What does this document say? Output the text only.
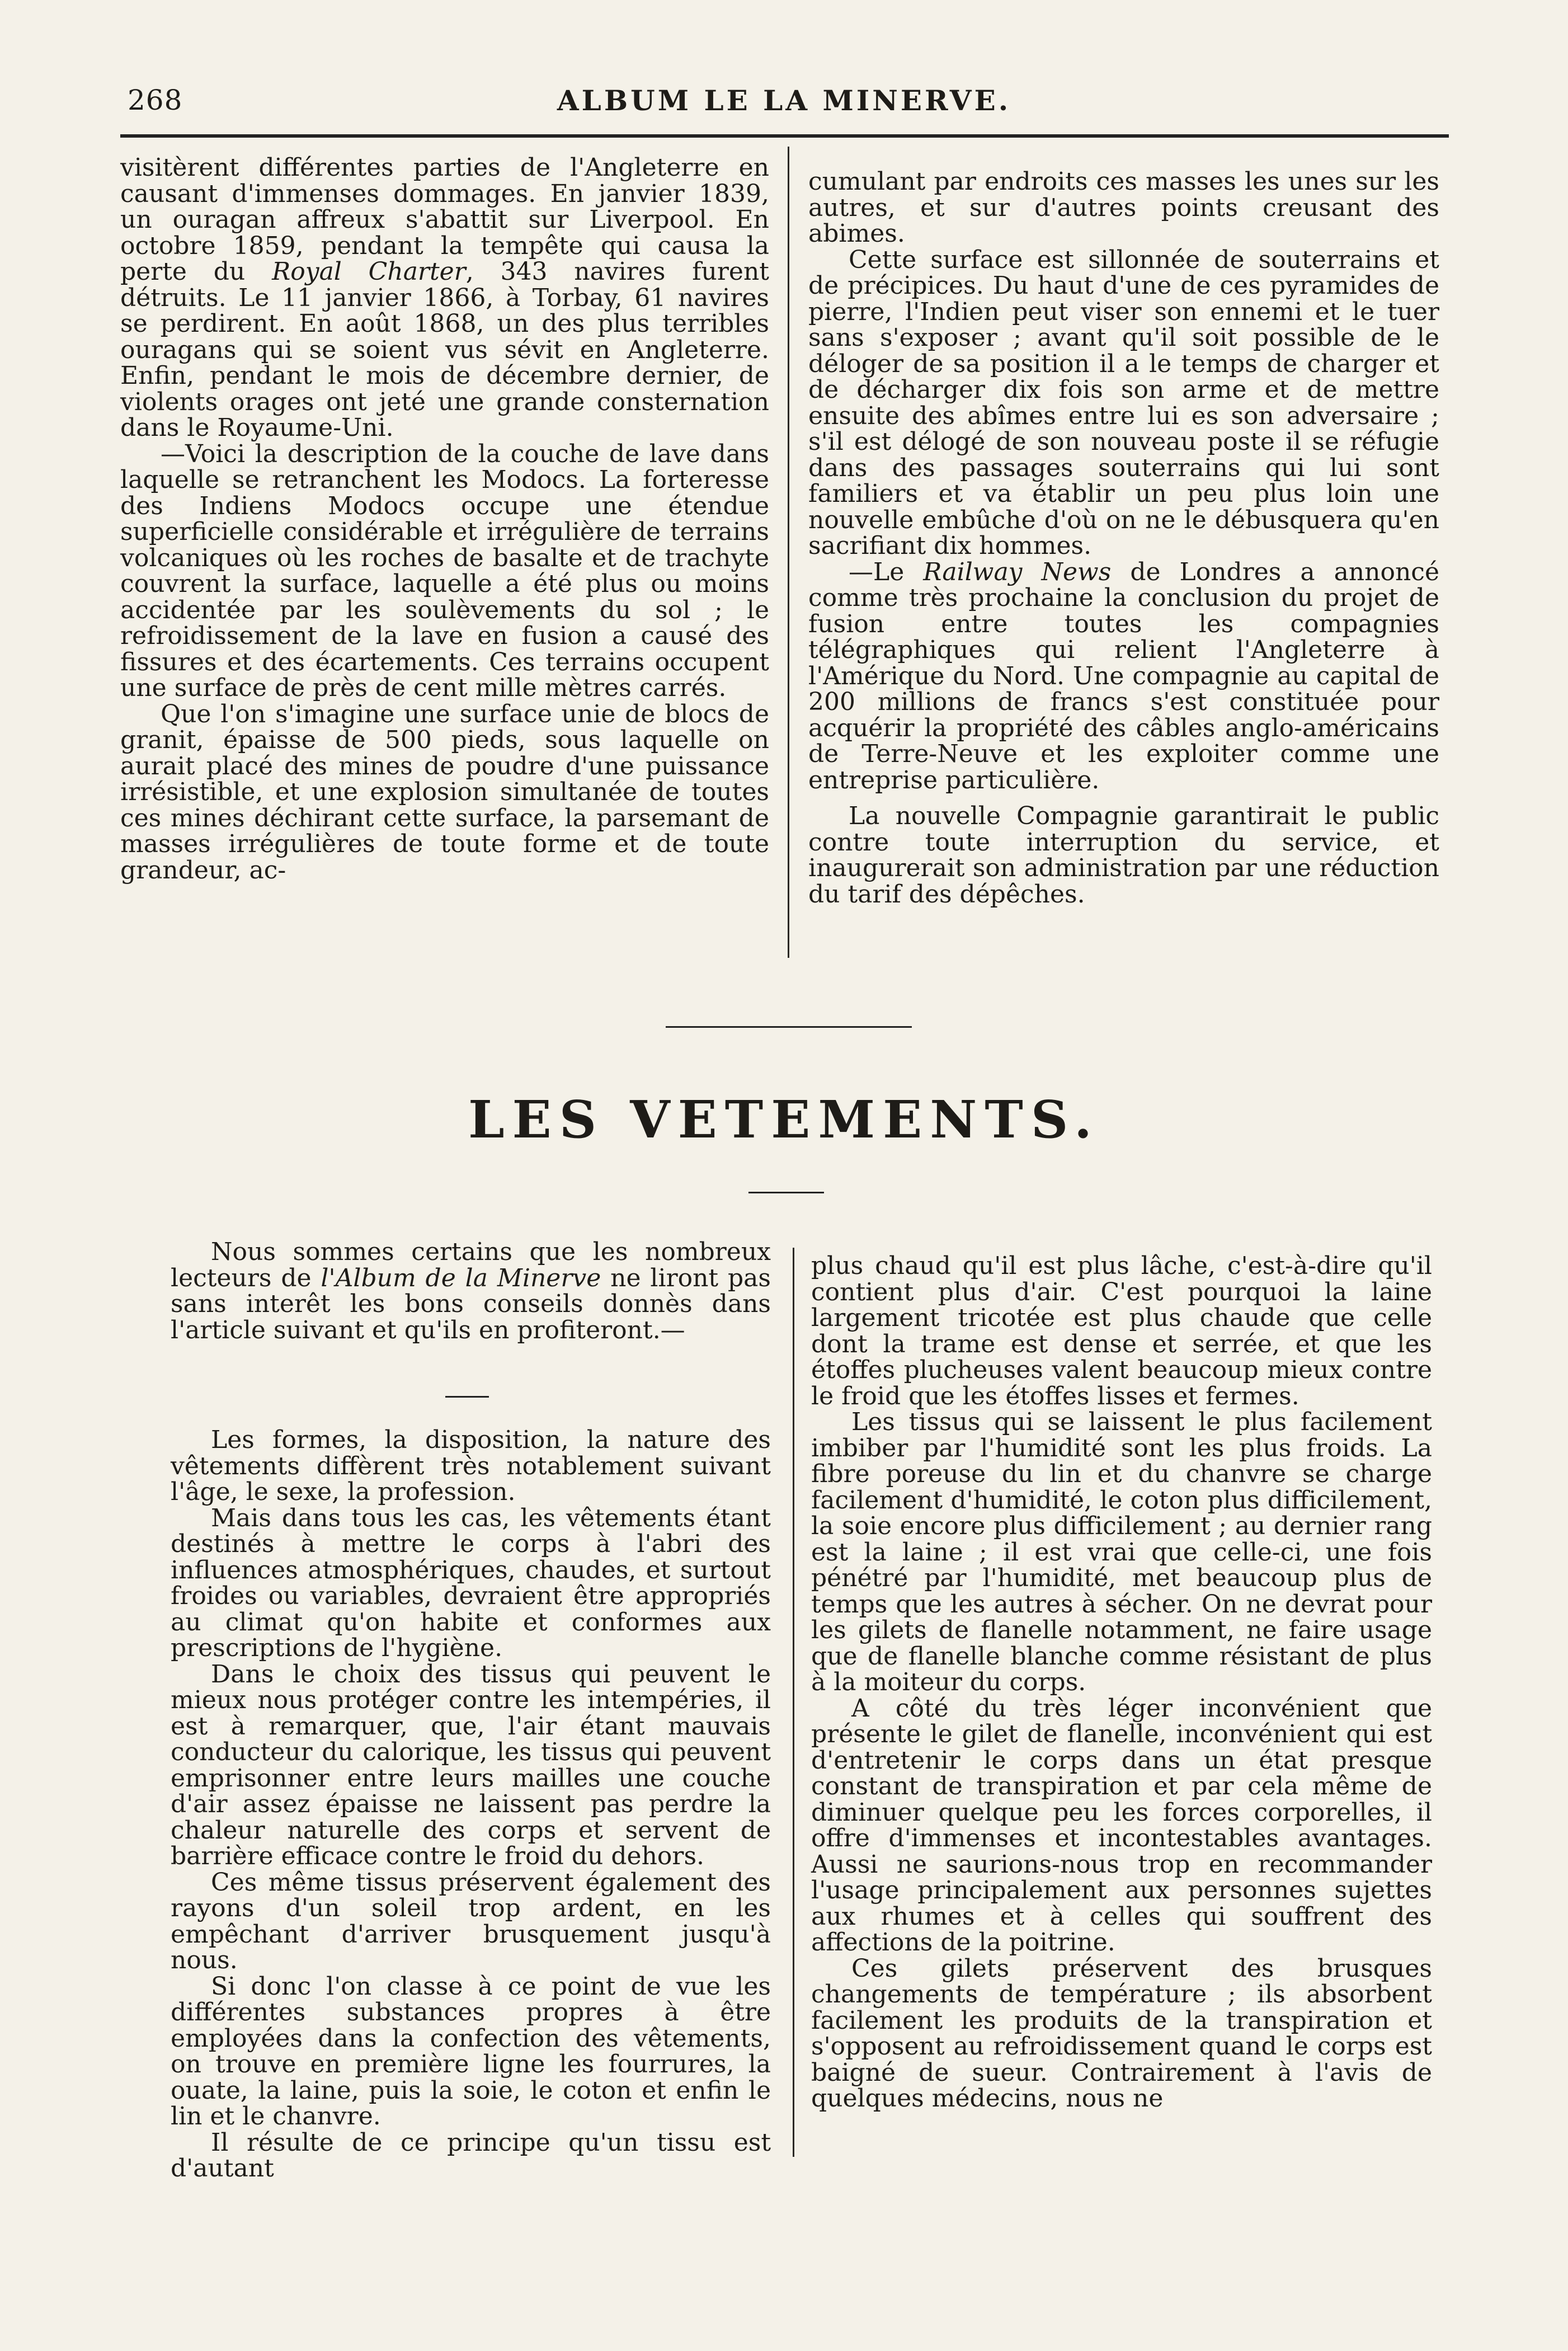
268	ALBUM LE LA MINERVE.

visitèrent différentes parties de l'Angleterre en causant d'immenses dommages. En janvier 1839, un ouragan affreux s'abattit sur Liverpool. En octobre 1859, pendant la tempête qui causa la perte du Royal Charter, 343 navires furent détruits. Le 11 janvier 1866, à Torbay, 61 navires se perdirent. En août 1868, un des plus terribles ouragans qui se soient vus sévit en Angleterre. Enfin, pendant le mois de décembre dernier, de violents orages ont jeté une grande consternation dans le Royaume-Uni.

—Voici la description de la couche de lave dans laquelle se retranchent les Modocs. La forteresse des Indiens Modocs occupe une étendue superficielle considérable et irrégulière de terrains volcaniques où les roches de basalte et de trachyte couvrent la surface, laquelle a été plus ou moins accidentée par les soulèvements du sol ; le refroidissement de la lave en fusion a causé des fissures et des écartements. Ces terrains occupent une surface de près de cent mille mètres carrés.

Que l'on s'imagine une surface unie de blocs de granit, épaisse de 500 pieds, sous laquelle on aurait placé des mines de poudre d'une puissance irrésistible, et une explosion simultanée de toutes ces mines déchirant cette surface, la parsemant de masses irrégulières de toute forme et de toute grandeur, ac-

cumulant par endroits ces masses les unes sur les autres, et sur d'autres points creusant des abimes.

Cette surface est sillonnée de souterrains et de précipices. Du haut d'une de ces pyramides de pierre, l'Indien peut viser son ennemi et le tuer sans s'exposer ; avant qu'il soit possible de le déloger de sa position il a le temps de charger et de décharger dix fois son arme et de mettre ensuite des abîmes entre lui es son adversaire ; s'il est délogé de son nouveau poste il se réfugie dans des passages souterrains qui lui sont familiers et va établir un peu plus loin une nouvelle embûche d'où on ne le débusquera qu'en sacrifiant dix hommes.

—Le Railway News de Londres a annoncé comme très prochaine la conclusion du projet de fusion entre toutes les compagnies télégraphiques qui relient l'Angleterre à l'Amérique du Nord. Une compagnie au capital de 200 millions de francs s'est constituée pour acquérir la propriété des câbles anglo-américains de Terre-Neuve et les exploiter comme une entreprise particulière.

La nouvelle Compagnie garantirait le public contre toute interruption du service, et inaugurerait son administration par une réduction du tarif des dépêches.

LES VETEMENTS.

Nous sommes certains que les nombreux lecteurs de l'Album de la Minerve ne liront pas sans interêt les bons conseils donnès dans l'article suivant et qu'ils en profiteront.—

Les formes, la disposition, la nature des vêtements diffèrent très notablement suivant l'âge, le sexe, la profession.

Mais dans tous les cas, les vêtements étant destinés à mettre le corps à l'abri des influences atmosphériques, chaudes, et surtout froides ou variables, devraient être appropriés au climat qu'on habite et conformes aux prescriptions de l'hygiène.

Dans le choix des tissus qui peuvent le mieux nous protéger contre les intempéries, il est à remarquer, que, l'air étant mauvais conducteur du calorique, les tissus qui peuvent emprisonner entre leurs mailles une couche d'air assez épaisse ne laissent pas perdre la chaleur naturelle des corps et servent de barrière efficace contre le froid du dehors.

Ces même tissus préservent également des rayons d'un soleil trop ardent, en les empêchant d'arriver brusquement jusqu'à nous.

Si donc l'on classe à ce point de vue les différentes substances propres à être employées dans la confection des vêtements, on trouve en première ligne les fourrures, la ouate, la laine, puis la soie, le coton et enfin le lin et le chanvre.

Il résulte de ce principe qu'un tissu est d'autant

plus chaud qu'il est plus lâche, c'est-à-dire qu'il contient plus d'air. C'est pourquoi la laine largement tricotée est plus chaude que celle dont la trame est dense et serrée, et que les étoffes plucheuses valent beaucoup mieux contre le froid que les étoffes lisses et fermes.

Les tissus qui se laissent le plus facilement imbiber par l'humidité sont les plus froids. La fibre poreuse du lin et du chanvre se charge facilement d'humidité, le coton plus difficilement, la soie encore plus difficilement ; au dernier rang est la laine ; il est vrai que celle-ci, une fois pénétré par l'humidité, met beaucoup plus de temps que les autres à sécher. On ne devrat pour les gilets de flanelle notamment, ne faire usage que de flanelle blanche comme résistant de plus à la moiteur du corps.

A côté du très léger inconvénient que présente le gilet de flanelle, inconvénient qui est d'entretenir le corps dans un état presque constant de transpiration et par cela même de diminuer quelque peu les forces corporelles, il offre d'immenses et incontestables avantages. Aussi ne saurions-nous trop en recommander l'usage principalement aux personnes sujettes aux rhumes et à celles qui souffrent des affections de la poitrine.

Ces gilets préservent des brusques changements de température ; ils absorbent facilement les produits de la transpiration et s'opposent au refroidissement quand le corps est baigné de sueur. Contrairement à l'avis de quelques médecins, nous ne
